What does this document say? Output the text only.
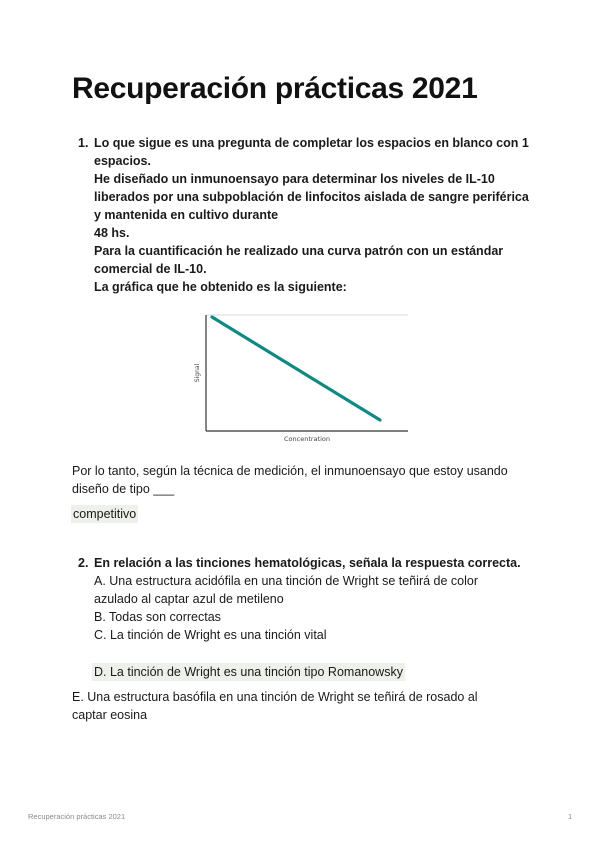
Recuperación prácticas 2021
1. Lo que sigue es una pregunta de completar los espacios en blanco con 1
espacios.
He diseñado un inmunoensayo para determinar los niveles de IL-10
liberados por una subpoblación de linfocitos aislada de sangre periférica
y mantenida en cultivo durante
48 hs.
Para la cuantificación he realizado una curva patrón con un estándar
comercial de IL-10.
La gráfica que he obtenido es la siguiente:
Signal
Concentration
Por lo tanto, según la técnica de medición, el inmunoensayo que estoy usando
diseño de tipo ___
competitivo
2. En relación a las tinciones hematológicas, señala la respuesta correcta.
A. Una estructura acidófila en una tinción de Wright se teñirá de color
azulado al captar azul de metileno
B. Todas son correctas
C. La tinción de Wright es una tinción vital
D. La tinción de Wright es una tinción tipo Romanowsky
E. Una estructura basófila en una tinción de Wright se teñirá de rosado al
captar eosina
Recuperación prácticas 2021	1
